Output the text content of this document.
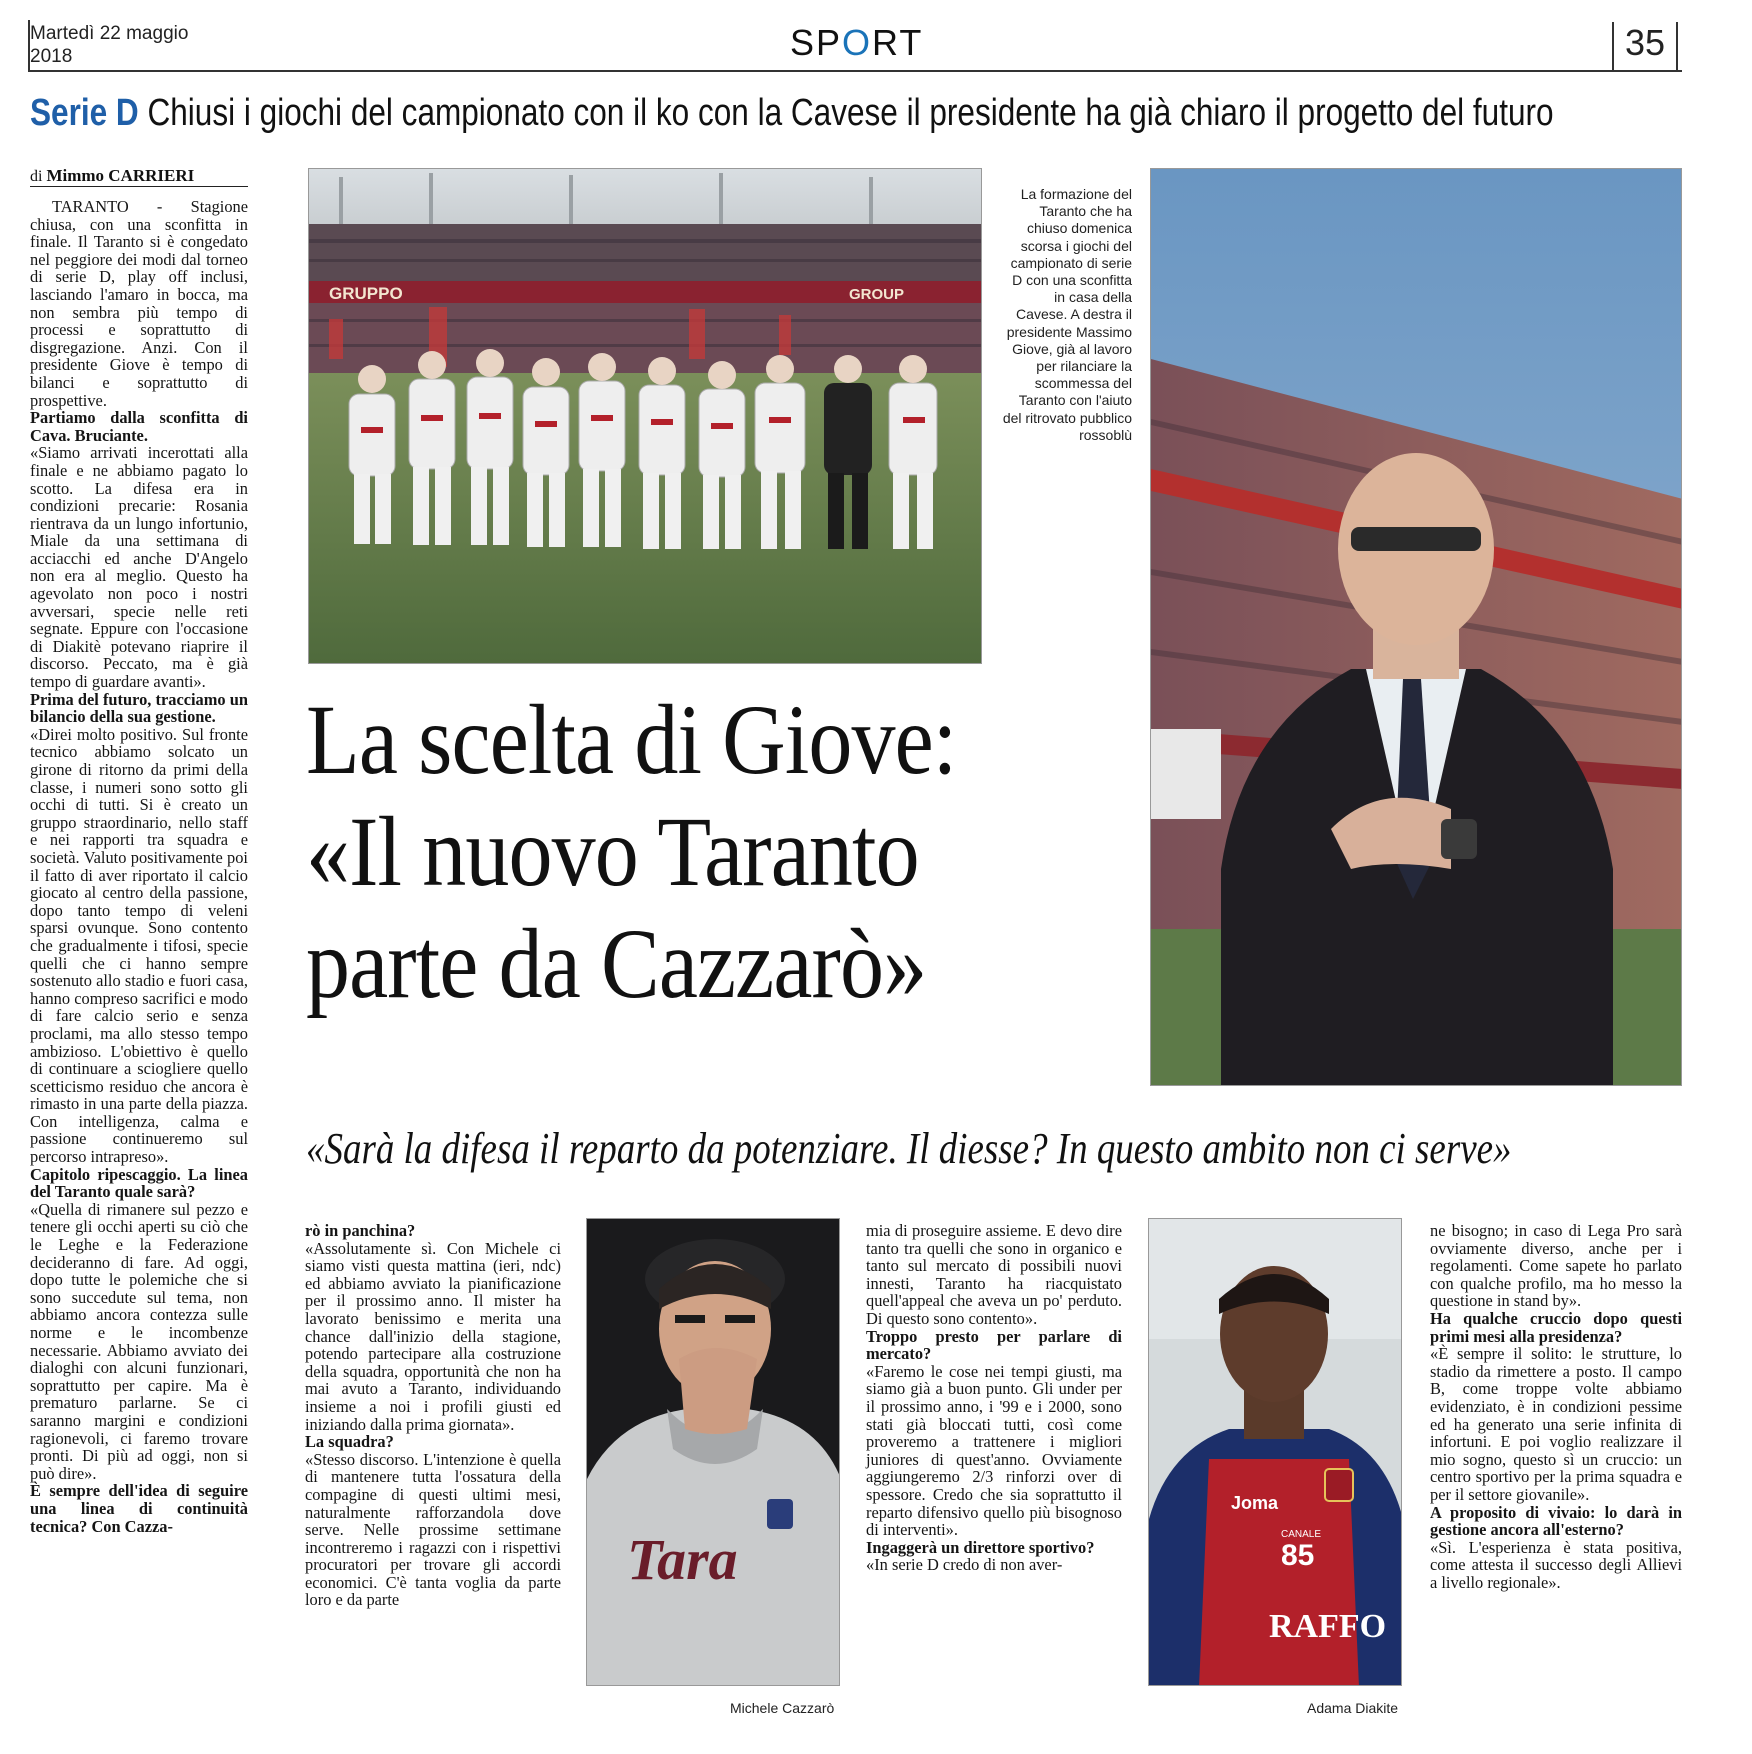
Martedì 22 maggio
2018	SPORT	35
Serie D Chiusi i giochi del campionato con il ko con la Cavese il presidente ha già chiaro il progetto del futuro
di Mimmo CARRIERI

TARANTO - Stagione chiusa, con una sconfitta in finale. Il Taranto si è congedato nel peggiore dei modi dal torneo di serie D, play off inclusi, lasciando l'amaro in bocca, ma non sembra più tempo di processi e soprattutto di disgregazione. Anzi. Con il presidente Giove è tempo di bilanci e soprattutto di prospettive.

Partiamo dalla sconfitta di Cava. Bruciante.

«Siamo arrivati incerottati alla finale e ne abbiamo pagato lo scotto. La difesa era in condizioni precarie: Rosania rientrava da un lungo infortunio, Miale da una settimana di acciacchi ed anche D'Angelo non era al meglio. Questo ha agevolato non poco i nostri avversari, specie nelle reti segnate. Eppure con l'occasione di Diakitè potevano riaprire il discorso. Peccato, ma è già tempo di guardare avanti».

Prima del futuro, tracciamo un bilancio della sua gestione.

«Direi molto positivo. Sul fronte tecnico abbiamo solcato un girone di ritorno da primi della classe, i numeri sono sotto gli occhi di tutti. Si è creato un gruppo straordinario, nello staff e nei rapporti tra squadra e società. Valuto positivamente poi il fatto di aver riportato il calcio giocato al centro della passione, dopo tanto tempo di veleni sparsi ovunque. Sono contento che gradualmente i tifosi, specie quelli che ci hanno sempre sostenuto allo stadio e fuori casa, hanno compreso sacrifici e modo di fare calcio serio e senza proclami, ma allo stesso tempo ambizioso. L'obiettivo è quello di continuare a sciogliere quello scetticismo residuo che ancora è rimasto in una parte della piazza. Con intelligenza, calma e passione continueremo sul percorso intrapreso».

Capitolo ripescaggio. La linea del Taranto quale sarà?

«Quella di rimanere sul pezzo e tenere gli occhi aperti su ciò che le Leghe e la Federazione decideranno di fare. Ad oggi, dopo tutte le polemiche che si sono succedute sul tema, non abbiamo ancora contezza sulle norme e le incombenze necessarie. Abbiamo avviato dei dialoghi con alcuni funzionari, soprattutto per capire. Ma è prematuro parlarne. Se ci saranno margini e condizioni ragionevoli, ci faremo trovare pronti. Di più ad oggi, non si può dire».

È sempre dell'idea di seguire una linea di continuità tecnica? Con Cazza-

rò in panchina?

«Assolutamente sì. Con Michele ci siamo visti questa mattina (ieri, ndc) ed abbiamo avviato la pianificazione per il prossimo anno. Il mister ha lavorato benissimo e merita una chance dall'inizio della stagione, potendo partecipare alla costruzione della squadra, opportunità che non ha mai avuto a Taranto, individuando insieme a noi i profili giusti ed iniziando dalla prima giornata».

La squadra?

«Stesso discorso. L'intenzione è quella di mantenere tutta l'ossatura della compagine di questi ultimi mesi, naturalmente rafforzandola dove serve. Nelle prossime settimane incontreremo i ragazzi con i rispettivi procuratori per trovare gli accordi economici. C'è tanta voglia da parte loro e da parte

mia di proseguire assieme. E devo dire tanto tra quelli che sono in organico e tanto sul mercato di possibili nuovi innesti, Taranto ha riacquistato quell'appeal che aveva un po' perduto. Di questo sono contento».

Troppo presto per parlare di mercato?

«Faremo le cose nei tempi giusti, ma siamo già a buon punto. Gli under per il prossimo anno, i '99 e i 2000, sono stati già bloccati tutti, così come proveremo a trattenere i migliori juniores di quest'anno. Ovviamente aggiungeremo 2/3 rinforzi over di spessore. Credo che sia soprattutto il reparto difensivo quello più bisognoso di interventi».

Ingaggerà un direttore sportivo?

«In serie D credo di non aver-

ne bisogno; in caso di Lega Pro sarà ovviamente diverso, anche per i regolamenti. Come sapete ho parlato con qualche profilo, ma ho messo la questione in stand by».

Ha qualche cruccio dopo questi primi mesi alla presidenza?

«È sempre il solito: le strutture, lo stadio da rimettere a posto. Il campo B, come troppe volte abbiamo evidenziato, è in condizioni pessime ed ha generato una serie infinita di infortuni. E poi voglio realizzare il mio sogno, questo sì un cruccio: un centro sportivo per la prima squadra e per il settore giovanile».

A proposito di vivaio: lo darà in gestione ancora all'esterno?

«Sì. L'esperienza è stata positiva, come attesta il successo degli Allievi a livello regionale».

GRUPPO	GROUP
La formazione del Taranto che ha chiuso domenica scorsa i giochi del campionato di serie D con una sconfitta in casa della Cavese. A destra il presidente Massimo Giove, già al lavoro per rilanciare la scommessa del Taranto con l'aiuto del ritrovato pubblico rossoblù
La scelta di Giove:
«Il nuovo Taranto
parte da Cazzarò»
«Sarà la difesa il reparto da potenziare. Il diesse? In questo ambito non ci serve»
Tara
Michele Cazzarò
Joma
CANALE
85
RAFFO
Adama Diakite
